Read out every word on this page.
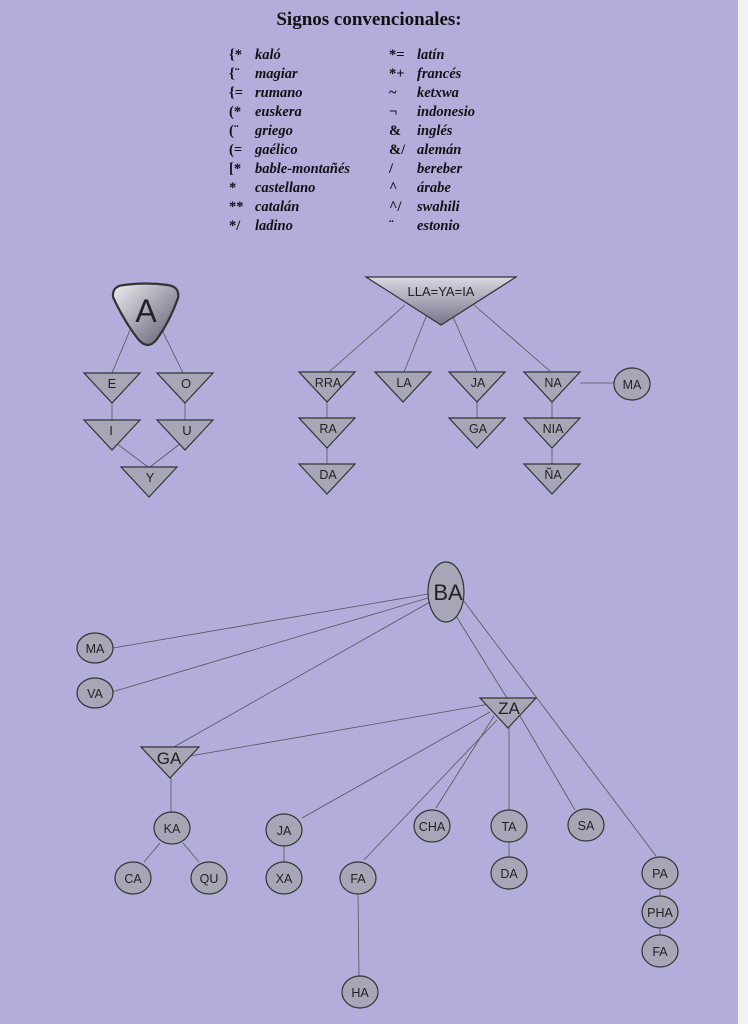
Signos convencionales:
{* kaló
{¨ magiar
{= rumano
(* euskera
(¨ griego
(= gaélico
[* bable-montañés
* castellano
** catalán
*/ ladino
*= latín
*+ francés
~ ketxwa
¬ indonesio
& inglés
&/ alemán
/ bereber
^ árabe
^/ swahili
¨ estonio
A
E	O
I	U
Y
LLA=YA=IA
RRA	LA	JA	NA	MA
RA
DA
GA	NIA
ÑA
BA
MA
VA
GA
ZA
KA
CA	QU
JA
XA
CHA
FA
HA
TA
DA
SA
PA
PHA
FA
